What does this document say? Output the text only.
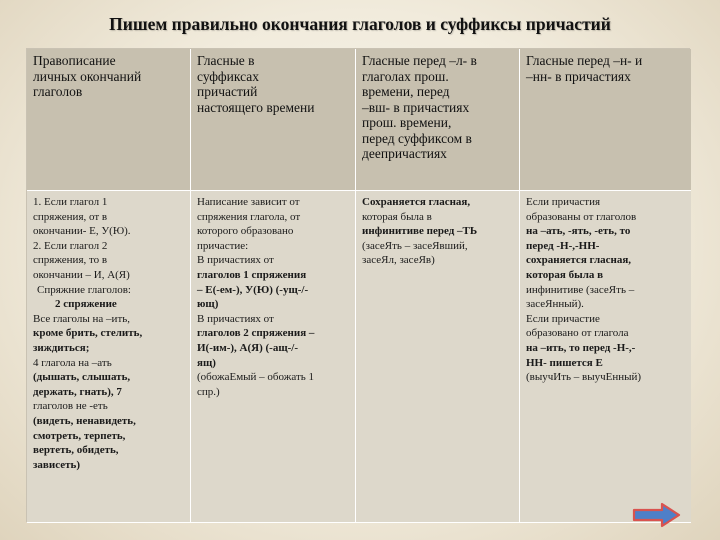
Пишем правильно окончания глаголов и суффиксы причастий
Правописание
личных окончаний
глаголов
Гласные в
суффиксах
причастий
настоящего времени
Гласные перед –л- в
глаголах прош.
времени, перед
–вш- в причастиях
прош. времени,
перед суффиксом в
деепричастиях
Гласные перед –н- и
–нн- в причастиях
1. Если глагол 1
спряжения, от в
окончании- Е, У(Ю).
2. Если глагол 2
спряжения, то в
окончании – И, А(Я)
Спряжние глаголов:
2 спряжение
Все глаголы на –ить,
кроме брить, стелить,
зиждиться;
4 глагола на –ать
(дышать, слышать,
держать, гнать), 7
глаголов не -еть
(видеть, ненавидеть,
смотреть, терпеть,
вертеть, обидеть,
зависеть)
Написание зависит от
спряжения глагола, от
которого образовано
причастие:
В причастиях от
глаголов 1 спряжения
– Е(-ем-), У(Ю) (-ущ-/-
ющ)
В причастиях от
глаголов 2 спряжения –
И(-им-), А(Я) (-ащ-/-
ящ)
(обожаЕмый – обожать 1
спр.)
Сохраняется гласная,
которая была в
инфинитиве перед –ТЬ
(засеЯть – засеЯвший,
засеЯл, засеЯв)
Если причастия
образованы от глаголов
на –ать, -ять, -еть, то
перед -Н-,-НН-
сохраняется гласная,
которая была в
инфинитиве (засеЯть –
засеЯнный).
Если причастие
образовано от глагола
на –ить, то перед -Н-,-
НН- пишется Е
(выучИть – выучЕнный)
